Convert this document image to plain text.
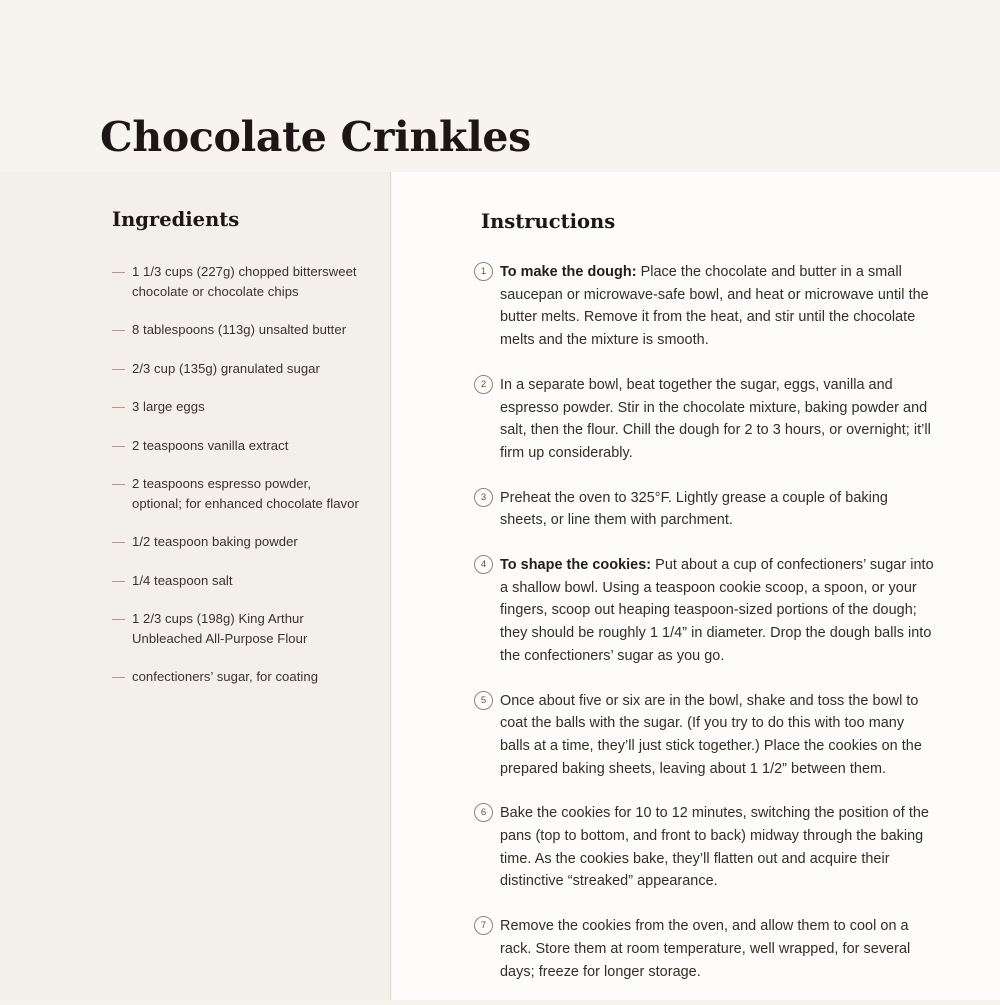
Chocolate Crinkles
Ingredients
— 1 1/3 cups (227g) chopped bittersweet chocolate or chocolate chips
— 8 tablespoons (113g) unsalted butter
— 2/3 cup (135g) granulated sugar
— 3 large eggs
— 2 teaspoons vanilla extract
— 2 teaspoons espresso powder, optional; for enhanced chocolate flavor
— 1/2 teaspoon baking powder
— 1/4 teaspoon salt
— 1 2/3 cups (198g) King Arthur Unbleached All-Purpose Flour
— confectioners’ sugar, for coating
Instructions
1 To make the dough: Place the chocolate and butter in a small saucepan or microwave-safe bowl, and heat or microwave until the butter melts. Remove it from the heat, and stir until the chocolate melts and the mixture is smooth.
2 In a separate bowl, beat together the sugar, eggs, vanilla and espresso powder. Stir in the chocolate mixture, baking powder and salt, then the flour. Chill the dough for 2 to 3 hours, or overnight; it’ll firm up considerably.
3 Preheat the oven to 325°F. Lightly grease a couple of baking sheets, or line them with parchment.
4 To shape the cookies: Put about a cup of confectioners’ sugar into a shallow bowl. Using a teaspoon cookie scoop, a spoon, or your fingers, scoop out heaping teaspoon-sized portions of the dough; they should be roughly 1 1/4” in diameter. Drop the dough balls into the confectioners’ sugar as you go.
5 Once about five or six are in the bowl, shake and toss the bowl to coat the balls with the sugar. (If you try to do this with too many balls at a time, they’ll just stick together.) Place the cookies on the prepared baking sheets, leaving about 1 1/2” between them.
6 Bake the cookies for 10 to 12 minutes, switching the position of the pans (top to bottom, and front to back) midway through the baking time. As the cookies bake, they’ll flatten out and acquire their distinctive “streaked” appearance.
7 Remove the cookies from the oven, and allow them to cool on a rack. Store them at room temperature, well wrapped, for several days; freeze for longer storage.
